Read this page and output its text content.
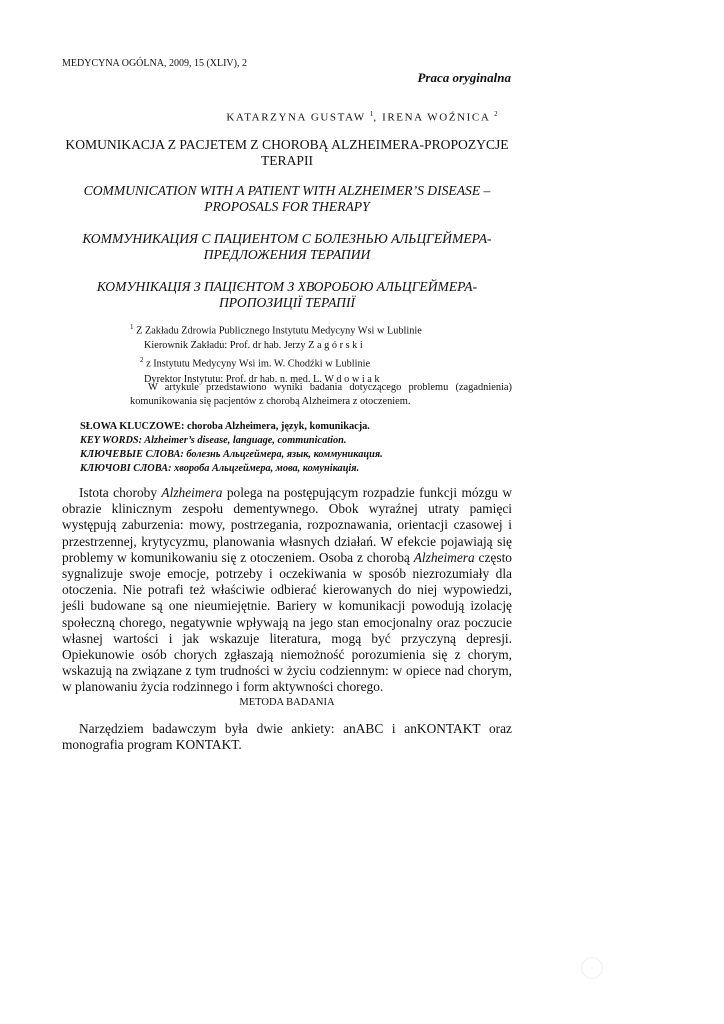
MEDYCYNA OGÓLNA, 2009, 15 (XLIV), 2
Praca oryginalna
KATARZYNA GUSTAW $^1$, IRENA WOŹNICA $^2$
KOMUNIKACJA Z PACJETEM Z CHOROBĄ ALZHEIMERA-PROPOZYCJE TERAPII
COMMUNICATION WITH A PATIENT WITH ALZHEIMER’S DISEASE – PROPOSALS FOR THERAPY
КОММУНИКАЦИЯ С ПАЦИЕНТОМ С БОЛЕЗНЬЮ АЛЬЦГЕЙМЕРА-ПРЕДЛОЖЕНИЯ ТЕРАПИИ
КОМУНІКАЦІЯ З ПАЦІЄНТОМ З ХВОРОБОЮ АЛЬЦГЕЙМЕРА-ПРОПОЗИЦІЇ ТЕРАПІЇ

$^1$ Z Zakładu Zdrowia Publicznego Instytutu Medycyny Wsi w Lublinie

Kierownik Zakładu: Prof. dr hab. Jerzy Z a g ó r s k i

$^2$ z Instytutu Medycyny Wsi im. W. Chodźki w Lublinie

Dyrektor Instytutu: Prof. dr hab. n. med. L. W d o w i a k

W artykule przedstawiono wyniki badania dotyczącego problemu (zagadnienia) komunikowania się pacjentów z chorobą Alzheimera z otoczeniem.

SŁOWA KLUCZOWE: choroba Alzheimera, język, komunikacja.

KEY WORDS: Alzheimer’s disease, language, communication.

КЛЮЧЕВЫЕ СЛОВА: болезнь Альцгеймера, язык, коммуникация.

КЛЮЧОВІ СЛОВА: хвороба Альцгеймера, мова, комунікація.

Istota choroby Alzheimera polega na postępującym rozpadzie funkcji mózgu w obrazie klinicznym zespołu dementywnego. Obok wyraźnej utraty pamięci występują zaburzenia: mowy, postrzegania, rozpoznawania, orientacji czasowej i przestrzennej, krytycyzmu, planowania własnych działań. W efekcie pojawiają się problemy w komunikowaniu się z otoczeniem. Osoba z chorobą Alzheimera często sygnalizuje swoje emocje, potrzeby i oczekiwania w sposób niezrozumiały dla otoczenia. Nie potrafi też właściwie odbierać kierowanych do niej wypowiedzi, jeśli budowane są one nieumiejętnie. Bariery w komunikacji powodują izolację społeczną chorego, negatywnie wpływają na jego stan emocjonalny oraz poczucie własnej wartości i jak wskazuje literatura, mogą być przyczyną depresji. Opiekunowie osób chorych zgłaszają niemożność porozumienia się z chorym, wskazują na związane z tym trudności w życiu codziennym: w opiece nad chorym, w planowaniu życia rodzinnego i form aktywności chorego.

METODA BADANIA

Narzędziem badawczym była dwie ankiety: anABC i anKONTAKT oraz monografia program KONTAKT.
